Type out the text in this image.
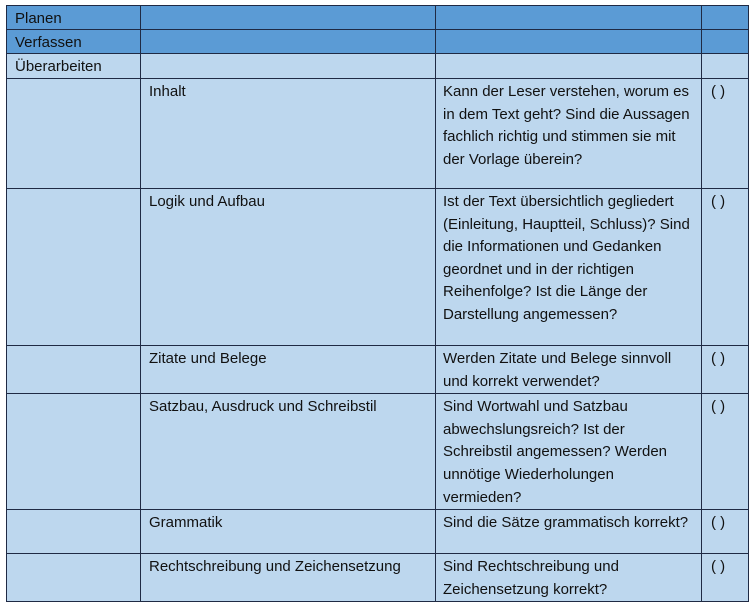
Planen			
Verfassen			
Überarbeiten			
	Inhalt	Kann der Leser verstehen, worum es in dem Text geht? Sind die Aussagen fachlich richtig und stimmen sie mit der Vorlage überein?	( )
	Logik und Aufbau	Ist der Text übersichtlich gegliedert (Einleitung, Hauptteil, Schluss)? Sind die Informationen und Gedanken geordnet und in der richtigen Reihenfolge? Ist die Länge der Darstellung angemessen?	( )
	Zitate und Belege	Werden Zitate und Belege sinnvoll und korrekt verwendet?	( )
	Satzbau, Ausdruck und Schreibstil	Sind Wortwahl und Satzbau abwechslungsreich? Ist der Schreibstil angemessen? Werden unnötige Wiederholungen vermieden?	( )
	Grammatik	Sind die Sätze grammatisch korrekt?	( )
	Rechtschreibung und Zeichensetzung	Sind Rechtschreibung und Zeichensetzung korrekt?	( )
